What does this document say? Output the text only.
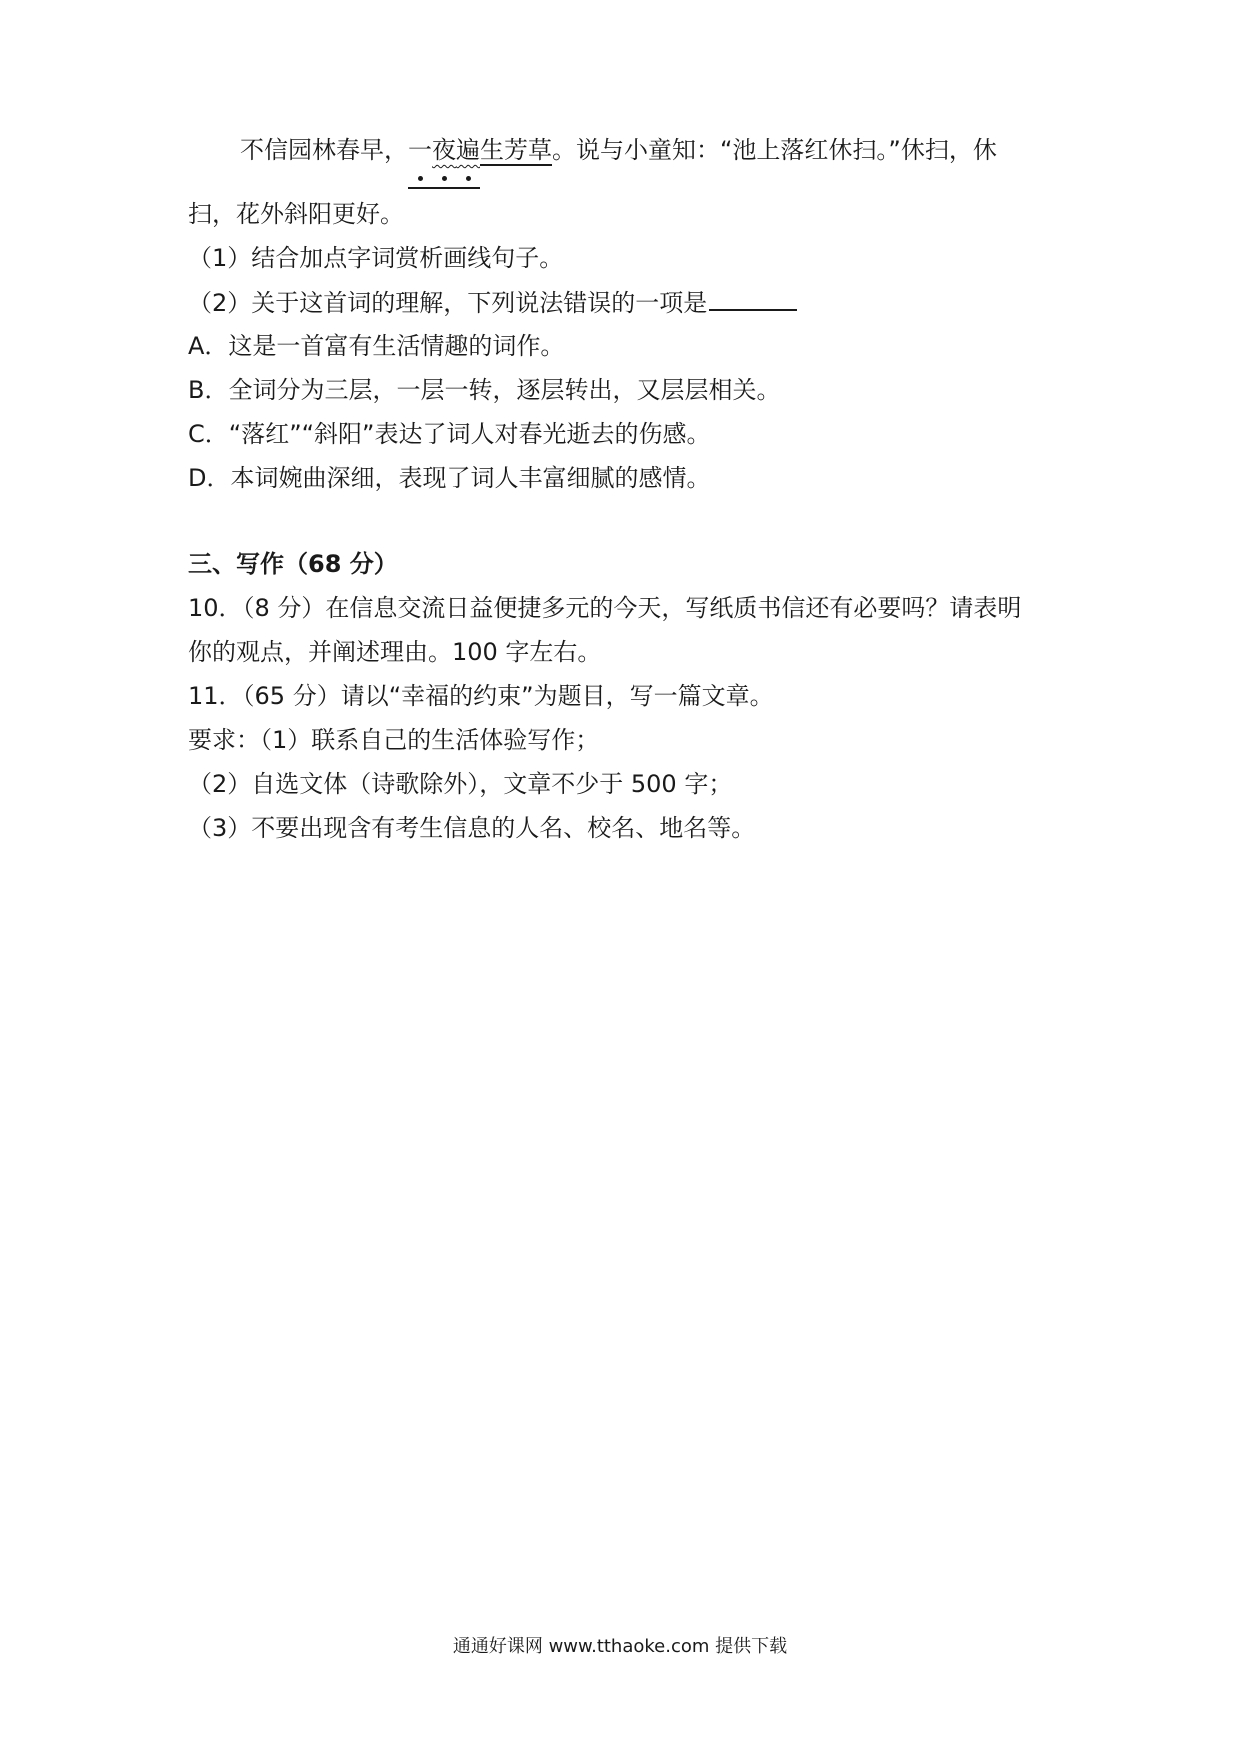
不信园林春早，一夜遍
生芳草。说与小童知：“池上落红休扫。”休扫，休
扫，花外斜阳更好。
（1）结合加点字词赏析画线句子。
（2）关于这首词的理解，下列说法错误的一项是
A．这是一首富有生活情趣的词作。
B．全词分为三层，一层一转，逐层转出，又层层相关。
C．“落红”“斜阳”表达了词人对春光逝去的伤感。
D．本词婉曲深细，表现了词人丰富细腻的感情。
三、写作（68 分）
10．（8 分）在信息交流日益便捷多元的今天，写纸质书信还有必要吗？请表明
你的观点，并阐述理由。100 字左右。
11．（65 分）请以“幸福的约束”为题目，写一篇文章。
要求：（1）联系自己的生活体验写作；
（2）自选文体（诗歌除外），文章不少于 500 字；
（3）不要出现含有考生信息的人名、校名、地名等。
通通好课网 www.tthaoke.com 提供下载
